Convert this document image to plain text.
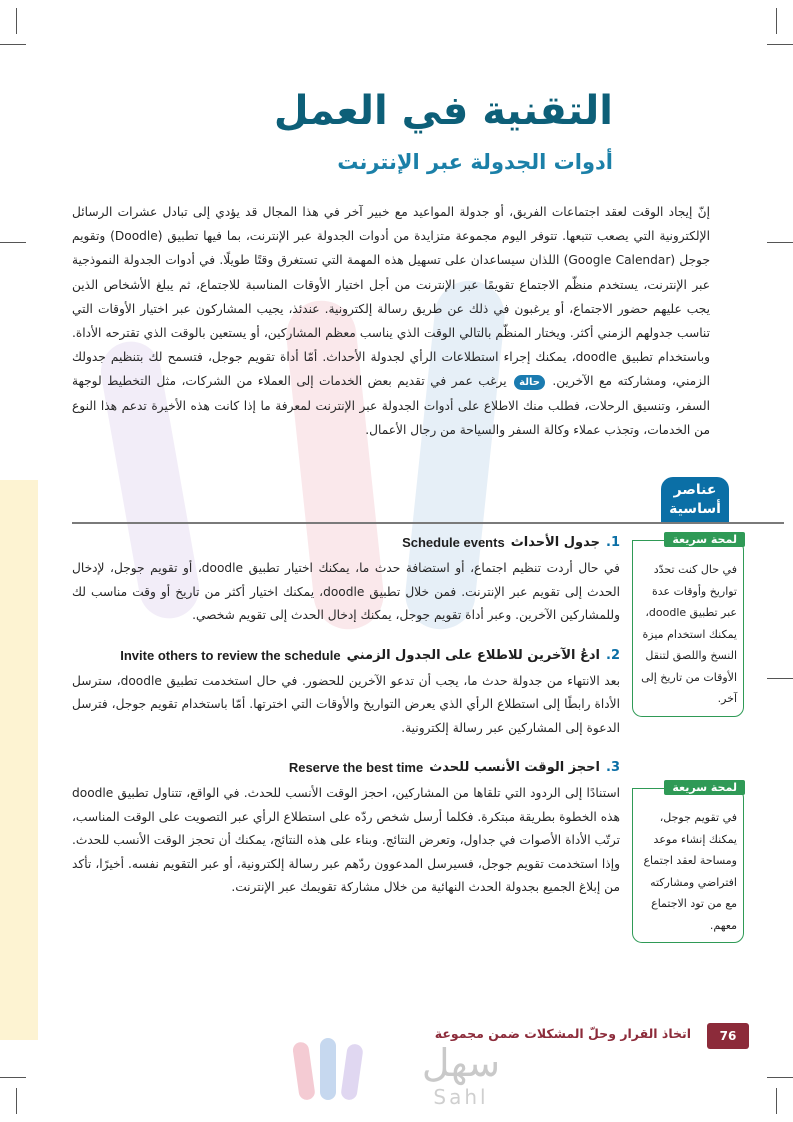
التقنية في العمل
أدوات الجدولة عبر الإنترنت
إنّ إيجاد الوقت لعقد اجتماعات الفريق، أو جدولة المواعيد مع خبير آخر في هذا المجال قد يؤدي إلى تبادل عشرات الرسائل الإلكترونية التي يصعب تتبعها. تتوفر اليوم مجموعة متزايدة من أدوات الجدولة عبر الإنترنت، بما فيها تطبيق (Doodle) وتقويم جوجل (Google Calendar) اللذان سيساعدان على تسهيل هذه المهمة التي تستغرق وقتًا طويلًا. في أدوات الجدولة النموذجية عبر الإنترنت، يستخدم منظّم الاجتماع تقويمًا عبر الإنترنت من أجل اختيار الأوقات المناسبة للاجتماع، ثم يبلغ الأشخاص الذين يجب عليهم حضور الاجتماع، أو يرغبون في ذلك عن طريق رسالة إلكترونية. عندئذ، يجيب المشاركون عبر اختيار الأوقات التي تناسب جدولهم الزمني أكثر. ويختار المنظّم بالتالي الوقت الذي يناسب معظم المشاركين، أو يستعين بالوقت الذي تقترحه الأداة. وباستخدام تطبيق doodle، يمكنك إجراء استطلاعات الرأي لجدولة الأحداث. أمّا أداة تقويم جوجل، فتسمح لك بتنظيم جدولك الزمني، ومشاركته مع الآخرين. حالة يرغب عمر في تقديم بعض الخدمات إلى العملاء من الشركات، مثل التخطيط لوجهة السفر، وتنسيق الرحلات، فطلب منك الاطلاع على أدوات الجدولة عبر الإنترنت لمعرفة ما إذا كانت هذه الأخيرة تدعم هذا النوع من الخدمات، وتجذب عملاء وكالة السفر والسياحة من رجال الأعمال.
عناصر
أساسية
1.
جدول الأحداث
Schedule events
في حال أردت تنظيم اجتماع، أو استضافة حدث ما، يمكنك اختيار تطبيق doodle، أو تقويم جوجل، لإدخال الحدث إلى تقويم عبر الإنترنت. فمن خلال تطبيق doodle، يمكنك اختيار أكثر من تاريخ أو وقت مناسب لك وللمشاركين الآخرين. وعبر أداة تقويم جوجل، يمكنك إدخال الحدث إلى تقويم شخصي.
2.
ادعُ الآخرين للاطلاع على الجدول الزمني
Invite others to review the schedule
بعد الانتهاء من جدولة حدث ما، يجب أن تدعو الآخرين للحضور. في حال استخدمت تطبيق doodle، سترسل الأداة رابطًا إلى استطلاع الرأي الذي يعرض التواريخ والأوقات التي اخترتها. أمّا باستخدام تقويم جوجل، فترسل الدعوة إلى المشاركين عبر رسالة إلكترونية.
3.
احجز الوقت الأنسب للحدث
Reserve the best time
استنادًا إلى الردود التي تلقاها من المشاركين، احجز الوقت الأنسب للحدث. في الواقع، تتناول تطبيق doodle هذه الخطوة بطريقة مبتكرة. فكلما أرسل شخص ردّه على استطلاع الرأي عبر التصويت على الوقت المناسب، ترتّب الأداة الأصوات في جداول، وتعرض النتائج. وبناء على هذه النتائج، يمكنك أن تحجز الوقت الأنسب للحدث. وإذا استخدمت تقويم جوجل، فسيرسل المدعوون ردّهم عبر رسالة إلكترونية، أو عبر التقويم نفسه. أخيرًا، تأكد من إبلاغ الجميع بجدولة الحدث النهائية من خلال مشاركة تقويمك عبر الإنترنت.
لمحة سريعة
في حال كنت تحدّد تواريخ وأوقات عدة عبر تطبيق doodle، يمكنك استخدام ميزة النسخ واللصق لتنقل الأوقات من تاريخ إلى آخر.
لمحة سريعة
في تقويم جوجل، يمكنك إنشاء موعد ومساحة لعقد اجتماع افتراضي ومشاركته مع من تود الاجتماع معهم.
76
اتخاذ القرار وحلّ المشكلات ضمن مجموعة
سهل
Sahl
